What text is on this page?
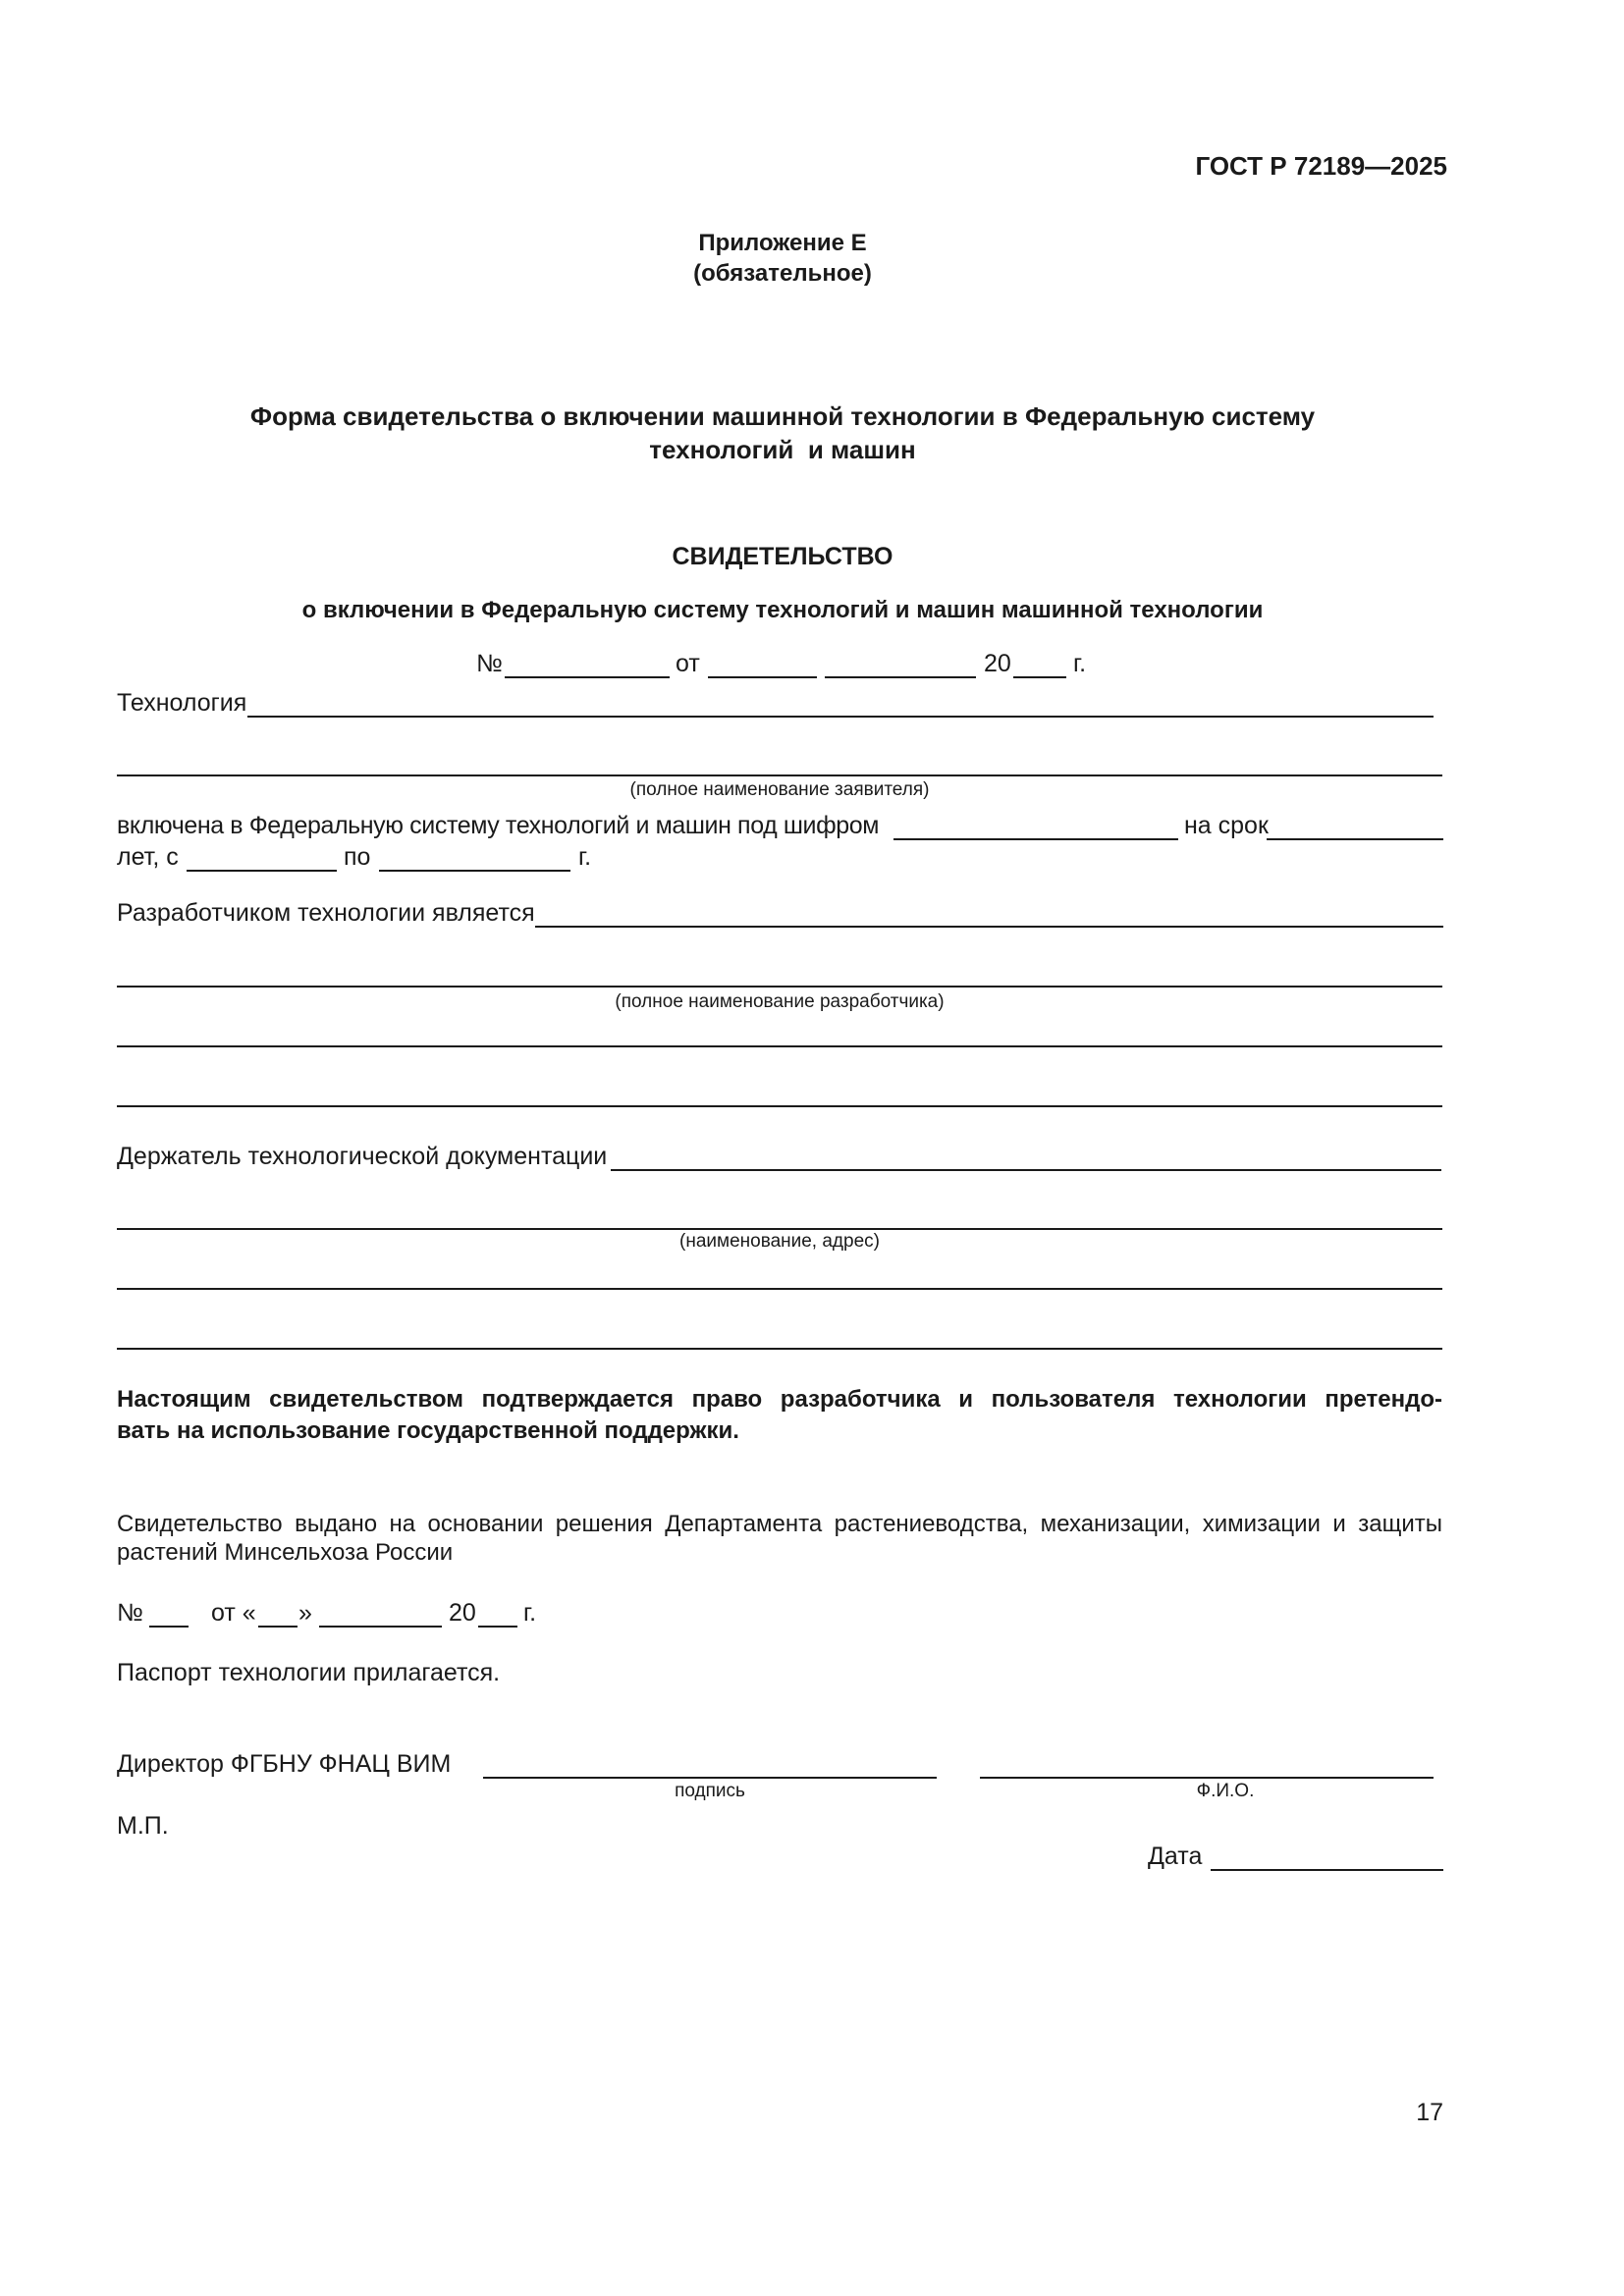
ГОСТ Р 72189—2025
Приложение Е
(обязательное)
Форма свидетельства о включении машинной технологии в Федеральную систему
технологий  и машин
СВИДЕТЕЛЬСТВО
о включении в Федеральную систему технологий и машин машинной технологии
№	от	20	г.
Технология
(полное наименование заявителя)
включена в Федеральную систему технологий и машин под шифром	на срок
лет, с	по	г.
Разработчиком технологии является
(полное наименование разработчика)
Держатель технологической документации
(наименование, адрес)
Настоящим свидетельством подтверждается право разработчика и пользователя технологии претендо-
вать на использование государственной поддержки.
Свидетельство выдано на основании решения Департамента растениеводства, механизации, химизации и защиты
растений Минсельхоза России
№	от « »	20 г.
Паспорт технологии прилагается.
Директор ФГБНУ ФНАЦ ВИМ
подпись	Ф.И.О.
М.П.
Дата
17
